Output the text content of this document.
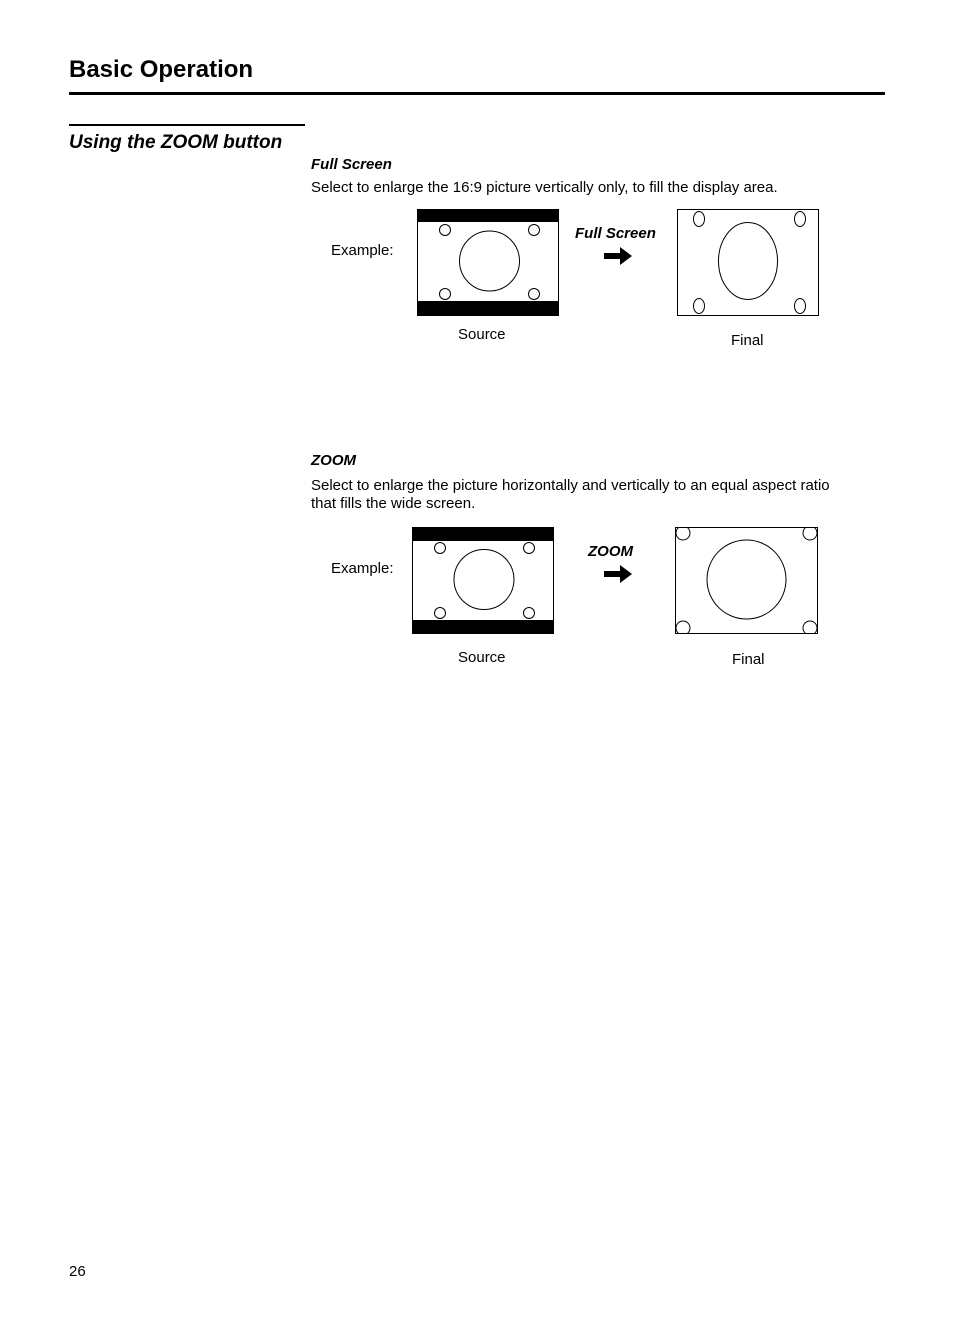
Basic Operation
Using the ZOOM button
Full Screen
Select to enlarge the 16:9 picture vertically only, to fill the display area.
Example:
Full Screen
Source	Final
ZOOM
Select to enlarge the picture horizontally and vertically to an equal aspect ratio
that fills the wide screen.
Example:
ZOOM
Source	Final
26
